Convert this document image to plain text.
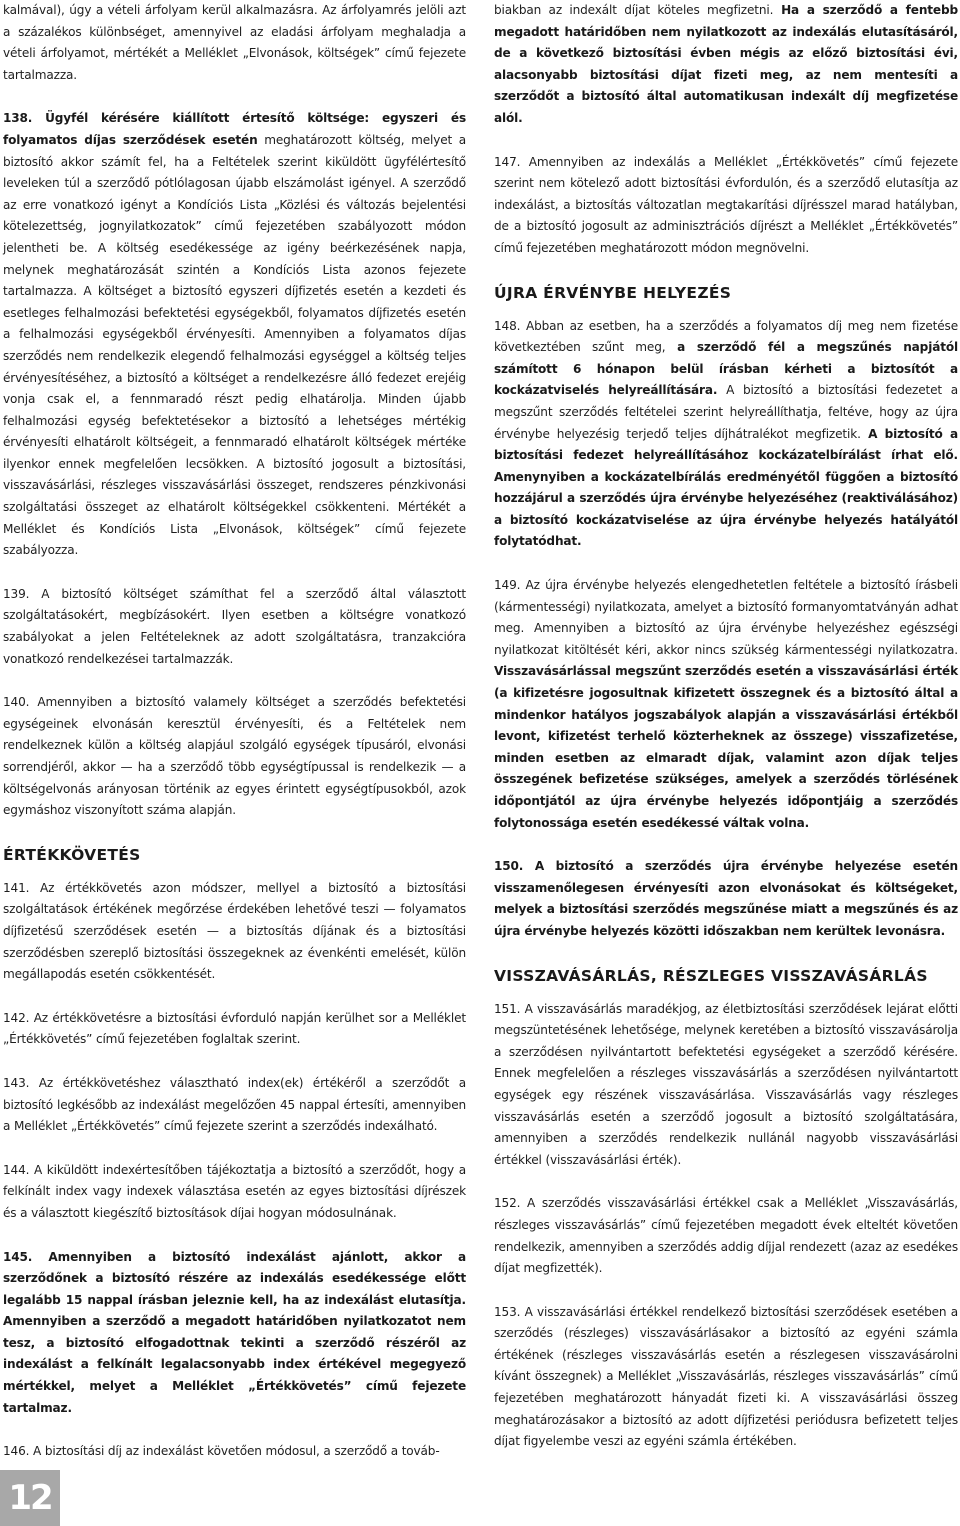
kalmával), úgy a vételi árfolyam kerül alkalmazásra. Az árfolyamrés jelöli azt a százalékos különbséget, amennyivel az eladási árfolyam meghaladja a vételi árfolyamot, mértékét a Melléklet „Elvonások, költségek” című fejezete tartalmazza.

138. Ügyfél kérésére kiállított értesítő költsége: egyszeri és folyamatos díjas szerződések esetén meghatározott költség, melyet a biztosító akkor számít fel, ha a Feltételek szerint kiküldött ügyfélértesítő leveleken túl a szerződő pótlólagosan újabb elszámolást igényel. A szerződő az erre vonatkozó igényt a Kondíciós Lista „Közlési és változás bejelentési kötelezettség, jognyilatkozatok” című fejezetében szabályozott módon jelentheti be. A költség esedékessége az igény beérkezésének napja, melynek meghatározását szintén a Kondíciós Lista azonos fejezete tartalmazza. A költséget a biztosító egyszeri díjfizetés esetén a kezdeti és esetleges felhalmozási befektetési egységekből, folyamatos díjfizetés esetén a felhalmozási egységekből érvényesíti. Amennyiben a folyamatos díjas szerződés nem rendelkezik elegendő felhalmozási egységgel a költség teljes érvényesítéséhez, a biztosító a költséget a rendelkezésre álló fedezet erejéig vonja csak el, a fennmaradó részt pedig elhatárolja. Minden újabb felhalmozási egység befektetésekor a biztosító a lehetséges mértékig érvényesíti elhatárolt költségeit, a fennmaradó elhatárolt költségek mértéke ilyenkor ennek megfelelően lecsökken. A biztosító jogosult a biztosítási, visszavásárlási, részleges visszavásárlási összeget, rendszeres pénzkivonási szolgáltatási összeget az elhatárolt költségekkel csökkenteni. Mértékét a Melléklet és Kondíciós Lista „Elvonások, költségek” című fejezete szabályozza.

139. A biztosító költséget számíthat fel a szerződő által választott szolgáltatásokért, megbízásokért. Ilyen esetben a költségre vonatkozó szabályokat a jelen Feltételeknek az adott szolgáltatásra, tranzakcióra vonatkozó rendelkezései tartalmazzák.

140. Amennyiben a biztosító valamely költséget a szerződés befektetési egységeinek elvonásán keresztül érvényesíti, és a Feltételek nem rendelkeznek külön a költség alapjául szolgáló egységek típusáról, elvonási sorrendjéről, akkor — ha a szerződő több egységtípussal is rendelkezik — a költségelvonás arányosan történik az egyes érintett egységtípusokból, azok egymáshoz viszonyított száma alapján.

ÉRTÉKKÖVETÉS

141. Az értékkövetés azon módszer, mellyel a biztosító a biztosítási szolgáltatások értékének megőrzése érdekében lehetővé teszi — folyamatos díjfizetésű szerződések esetén — a biztosítás díjának és a biztosítási szerződésben szereplő biztosítási összegeknek az évenkénti emelését, külön megállapodás esetén csökkentését.

142. Az értékkövetésre a biztosítási évforduló napján kerülhet sor a Melléklet „Értékkövetés” című fejezetében foglaltak szerint.

143. Az értékkövetéshez választható index(ek) értékéről a szerződőt a biztosító legkésőbb az indexálást megelőzően 45 nappal értesíti, amennyiben a Melléklet „Értékkövetés” című fejezete szerint a szerződés indexálható.

144. A kiküldött indexértesítőben tájékoztatja a biztosító a szerződőt, hogy a felkínált index vagy indexek választása esetén az egyes biztosítási díjrészek és a választott kiegészítő biztosítások díjai hogyan módosulnának.

145. Amennyiben a biztosító indexálást ajánlott, akkor a szerződőnek a biztosító részére az indexálás esedékessége előtt legalább 15 nappal írásban jeleznie kell, ha az indexálást elutasítja. Amennyiben a szerződő a megadott határidőben nyilatkozatot nem tesz, a biztosító elfogadottnak tekinti a szerződő részéről az indexálást a felkínált legalacsonyabb index értékével megegyező mértékkel, melyet a Melléklet „Értékkövetés” című fejezete tartalmaz.

146. A biztosítási díj az indexálást követően módosul, a szerződő a továb-

biakban az indexált díjat köteles megfizetni. Ha a szerződő a fentebb megadott határidőben nem nyilatkozott az indexálás elutasításáról, de a következő biztosítási évben mégis az előző biztosítási évi, alacsonyabb biztosítási díjat fizeti meg, az nem mentesíti a szerződőt a biztosító által automatikusan indexált díj megfizetése alól.

147. Amennyiben az indexálás a Melléklet „Értékkövetés” című fejezete szerint nem kötelező adott biztosítási évfordulón, és a szerződő elutasítja az indexálást, a biztosítás változatlan megtakarítási díjrésszel marad hatályban, de a biztosító jogosult az adminisztrációs díjrészt a Melléklet „Értékkövetés” című fejezetében meghatározott módon megnövelni.

ÚJRA ÉRVÉNYBE HELYEZÉS

148. Abban az esetben, ha a szerződés a folyamatos díj meg nem fizetése következtében szűnt meg, a szerződő fél a megszűnés napjától számított 6 hónapon belül írásban kérheti a biztosítót a kockázatviselés helyreállítására. A biztosító a biztosítási fedezetet a megszűnt szerződés feltételei szerint helyreállíthatja, feltéve, hogy az újra érvénybe helyezésig terjedő teljes díjhátralékot megfizetik. A biztosító a biztosítási fedezet helyreállításához kockázatelbírálást írhat elő. Amenynyiben a kockázatelbírálás eredményétől függően a biztosító hozzájárul a szerződés újra érvénybe helyezéséhez (reaktiválásához) a biztosító kockázatviselése az újra érvénybe helyezés hatályától folytatódhat.

149. Az újra érvénybe helyezés elengedhetetlen feltétele a biztosító írásbeli (kármentességi) nyilatkozata, amelyet a biztosító formanyomtatványán adhat meg. Amennyiben a biztosító az újra érvénybe helyezéshez egészségi nyilatkozat kitöltését kéri, akkor nincs szükség kármentességi nyilatkozatra. Visszavásárlással megszűnt szerződés esetén a visszavásárlási érték (a kifizetésre jogosultnak kifizetett összegnek és a biztosító által a mindenkor hatályos jogszabályok alapján a visszavásárlási értékből levont, kifizetést terhelő közterheknek az összege) visszafizetése, minden esetben az elmaradt díjak, valamint azon díjak teljes összegének befizetése szükséges, amelyek a szerződés törlésének időpontjától az újra érvénybe helyezés időpontjáig a szerződés folytonossága esetén esedékessé váltak volna.

150. A biztosító a szerződés újra érvénybe helyezése esetén visszamenőlegesen érvényesíti azon elvonásokat és költségeket, melyek a biztosítási szerződés megszűnése miatt a megszűnés és az újra érvénybe helyezés közötti időszakban nem kerültek levonásra.

VISSZAVÁSÁRLÁS, RÉSZLEGES VISSZAVÁSÁRLÁS

151. A visszavásárlás maradékjog, az életbiztosítási szerződések lejárat előtti megszüntetésének lehetősége, melynek keretében a biztosító visszavásárolja a szerződésen nyilvántartott befektetési egységeket a szerződő kérésére. Ennek megfelelően a részleges visszavásárlás a szerződésen nyilvántartott egységek egy részének visszavásárlása. Visszavásárlás vagy részleges visszavásárlás esetén a szerződő jogosult a biztosító szolgáltatására, amennyiben a szerződés rendelkezik nullánál nagyobb visszavásárlási értékkel (visszavásárlási érték).

152. A szerződés visszavásárlási értékkel csak a Melléklet „Visszavásárlás, részleges visszavásárlás” című fejezetében megadott évek elteltét követően rendelkezik, amennyiben a szerződés addig díjjal rendezett (azaz az esedékes díjat megfizették).

153. A visszavásárlási értékkel rendelkező biztosítási szerződések esetében a szerződés (részleges) visszavásárlásakor a biztosító az egyéni számla értékének (részleges visszavásárlás esetén a részlegesen visszavásárolni kívánt összegnek) a Melléklet „Visszavásárlás, részleges visszavásárlás” című fejezetében meghatározott hányadát fizeti ki. A visszavásárlási összeg meghatározásakor a biztosító az adott díjfizetési periódusra befizetett teljes díjat figyelembe veszi az egyéni számla értékében.

12
